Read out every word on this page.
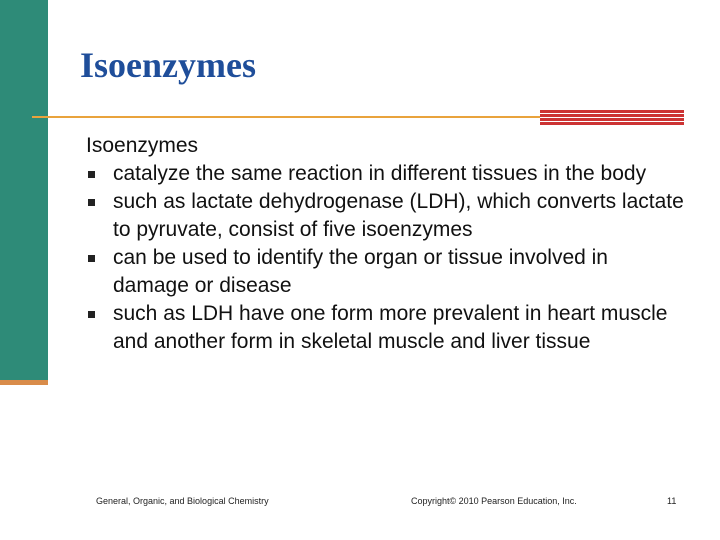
Isoenzymes

Isoenzymes

catalyze the same reaction in different tissues in the body
such as lactate dehydrogenase (LDH), which converts lactate to pyruvate, consist of five isoenzymes
can be used to identify the organ or tissue involved in damage or disease
such as LDH have one form more prevalent in heart muscle and another form in skeletal muscle and liver tissue
General, Organic, and Biological Chemistry	Copyright© 2010 Pearson Education, Inc.	11
